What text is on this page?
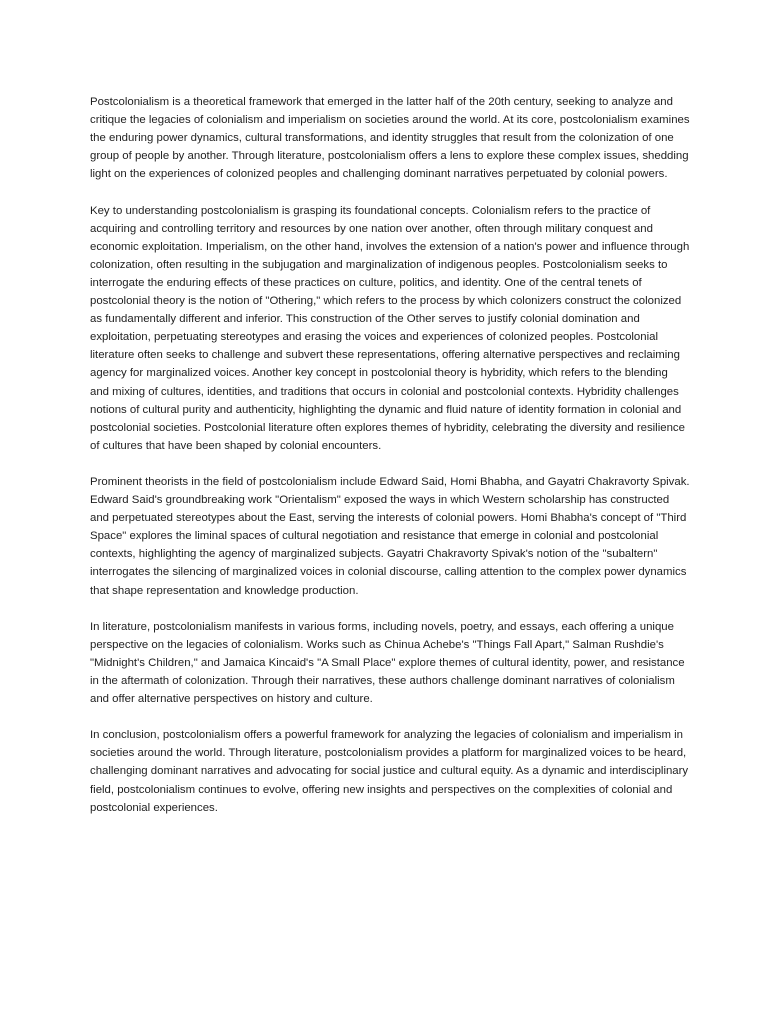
Postcolonialism is a theoretical framework that emerged in the latter half of the 20th century, seeking to analyze and critique the legacies of colonialism and imperialism on societies around the world. At its core, postcolonialism examines the enduring power dynamics, cultural transformations, and identity struggles that result from the colonization of one group of people by another. Through literature, postcolonialism offers a lens to explore these complex issues, shedding light on the experiences of colonized peoples and challenging dominant narratives perpetuated by colonial powers.

Key to understanding postcolonialism is grasping its foundational concepts. Colonialism refers to the practice of acquiring and controlling territory and resources by one nation over another, often through military conquest and economic exploitation. Imperialism, on the other hand, involves the extension of a nation's power and influence through colonization, often resulting in the subjugation and marginalization of indigenous peoples. Postcolonialism seeks to interrogate the enduring effects of these practices on culture, politics, and identity. One of the central tenets of postcolonial theory is the notion of "Othering," which refers to the process by which colonizers construct the colonized as fundamentally different and inferior. This construction of the Other serves to justify colonial domination and exploitation, perpetuating stereotypes and erasing the voices and experiences of colonized peoples. Postcolonial literature often seeks to challenge and subvert these representations, offering alternative perspectives and reclaiming agency for marginalized voices. Another key concept in postcolonial theory is hybridity, which refers to the blending and mixing of cultures, identities, and traditions that occurs in colonial and postcolonial contexts. Hybridity challenges notions of cultural purity and authenticity, highlighting the dynamic and fluid nature of identity formation in colonial and postcolonial societies. Postcolonial literature often explores themes of hybridity, celebrating the diversity and resilience of cultures that have been shaped by colonial encounters.

Prominent theorists in the field of postcolonialism include Edward Said, Homi Bhabha, and Gayatri Chakravorty Spivak. Edward Said's groundbreaking work "Orientalism" exposed the ways in which Western scholarship has constructed and perpetuated stereotypes about the East, serving the interests of colonial powers. Homi Bhabha's concept of "Third Space" explores the liminal spaces of cultural negotiation and resistance that emerge in colonial and postcolonial contexts, highlighting the agency of marginalized subjects. Gayatri Chakravorty Spivak's notion of the "subaltern" interrogates the silencing of marginalized voices in colonial discourse, calling attention to the complex power dynamics that shape representation and knowledge production.

In literature, postcolonialism manifests in various forms, including novels, poetry, and essays, each offering a unique perspective on the legacies of colonialism. Works such as Chinua Achebe's "Things Fall Apart," Salman Rushdie's "Midnight's Children," and Jamaica Kincaid's "A Small Place" explore themes of cultural identity, power, and resistance in the aftermath of colonization. Through their narratives, these authors challenge dominant narratives of colonialism and offer alternative perspectives on history and culture.

In conclusion, postcolonialism offers a powerful framework for analyzing the legacies of colonialism and imperialism in societies around the world. Through literature, postcolonialism provides a platform for marginalized voices to be heard, challenging dominant narratives and advocating for social justice and cultural equity. As a dynamic and interdisciplinary field, postcolonialism continues to evolve, offering new insights and perspectives on the complexities of colonial and postcolonial experiences.
